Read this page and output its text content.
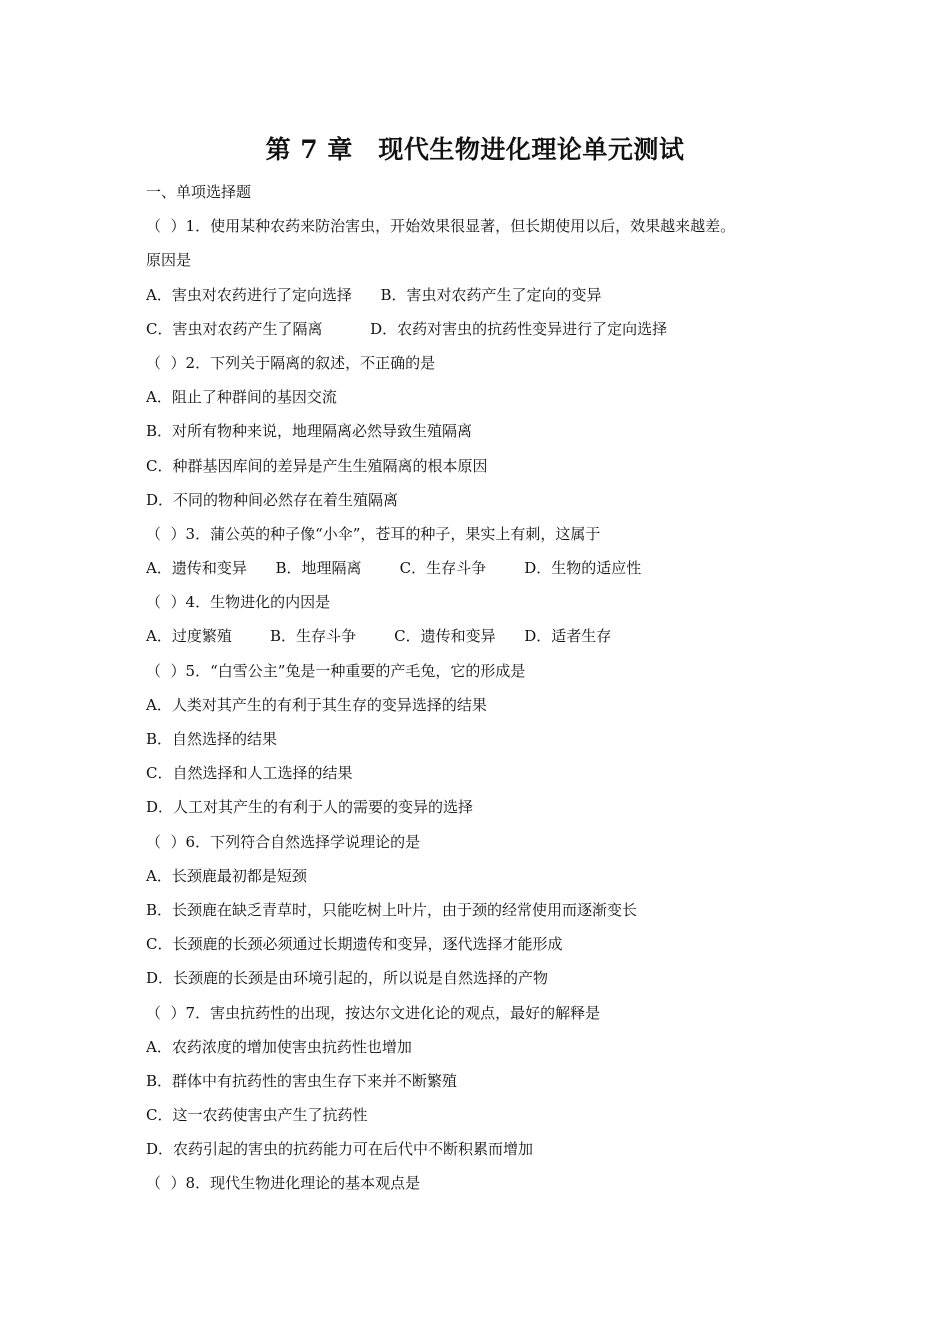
第 7 章　现代生物进化理论单元测试
一、单项选择题
（  ）1．使用某种农药来防治害虫，开始效果很显著，但长期使用以后，效果越来越差。
原因是
A．害虫对农药进行了定向选择      B．害虫对农药产生了定向的变异
C．害虫对农药产生了隔离          D．农药对害虫的抗药性变异进行了定向选择
（  ）2．下列关于隔离的叙述，不正确的是
A．阻止了种群间的基因交流
B．对所有物种来说，地理隔离必然导致生殖隔离
C．种群基因库间的差异是产生生殖隔离的根本原因
D．不同的物种间必然存在着生殖隔离
（  ）3．蒲公英的种子像“小伞”，苍耳的种子，果实上有刺，这属于
A．遗传和变异      B．地理隔离        C．生存斗争        D．生物的适应性
（  ）4．生物进化的内因是
A．过度繁殖        B．生存斗争        C．遗传和变异      D．适者生存
（  ）5．“白雪公主”兔是一种重要的产毛兔，它的形成是
A．人类对其产生的有利于其生存的变异选择的结果
B．自然选择的结果
C．自然选择和人工选择的结果
D．人工对其产生的有利于人的需要的变异的选择
（  ）6．下列符合自然选择学说理论的是
A．长颈鹿最初都是短颈
B．长颈鹿在缺乏青草时，只能吃树上叶片，由于颈的经常使用而逐渐变长
C．长颈鹿的长颈必须通过长期遗传和变异，逐代选择才能形成
D．长颈鹿的长颈是由环境引起的，所以说是自然选择的产物
（  ）7．害虫抗药性的出现，按达尔文进化论的观点，最好的解释是
A．农药浓度的增加使害虫抗药性也增加
B．群体中有抗药性的害虫生存下来并不断繁殖
C．这一农药使害虫产生了抗药性
D．农药引起的害虫的抗药能力可在后代中不断积累而增加
（  ）8．现代生物进化理论的基本观点是
